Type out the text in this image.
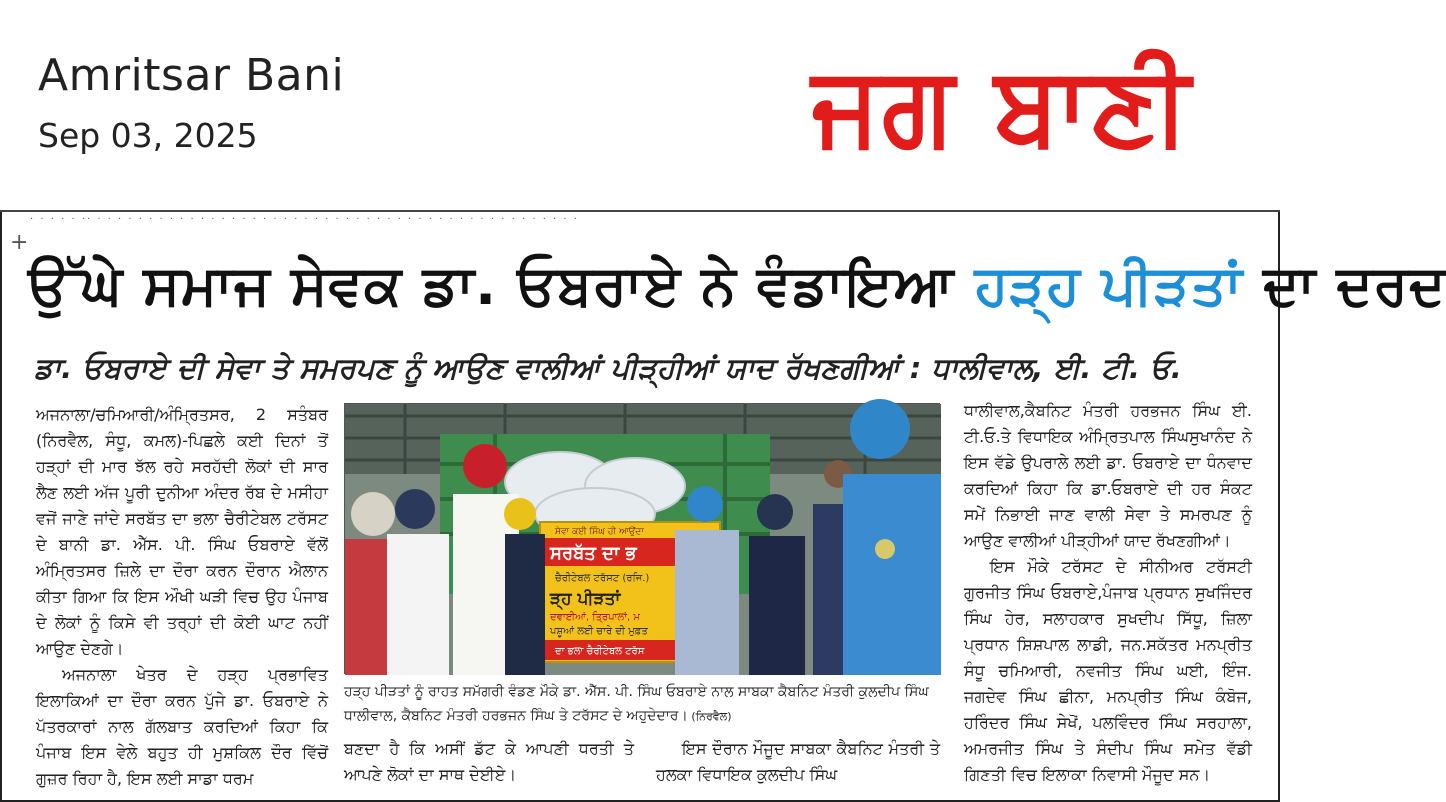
Amritsar Bani
Sep 03, 2025	ਜਗ ਬਾਣੀ
· · · · · ·· · · · · · · · · · · · · · · · · · · · · · · · · · · · · · · · · · · · · · · · · · · · · · · ·
+
ਉੱਘੇ ਸਮਾਜ ਸੇਵਕ ਡਾ. ਓਬਰਾਏ ਨੇ ਵੰਡਾਇਆ ਹੜ੍ਹ ਪੀੜਤਾਂ ਦਾ ਦਰਦ
ਡਾ. ਓਬਰਾਏ ਦੀ ਸੇਵਾ ਤੇ ਸਮਰਪਣ ਨੂੰ ਆਉਣ ਵਾਲੀਆਂ ਪੀੜ੍ਹੀਆਂ ਯਾਦ ਰੱਖਣਗੀਆਂ : ਧਾਲੀਵਾਲ, ਈ. ਟੀ. ਓ.

ਅਜਨਾਲਾ/ਚਮਿਆਰੀ/ਅੰਮ੍ਰਿਤਸਰ, 2 ਸਤੰਬਰ (ਨਿਰਵੈਲ, ਸੰਧੂ, ਕਮਲ)-ਪਿਛਲੇ ਕਈ ਦਿਨਾਂ ਤੋਂ ਹੜ੍ਹਾਂ ਦੀ ਮਾਰ ਝੱਲ ਰਹੇ ਸਰਹੱਦੀ ਲੋਕਾਂ ਦੀ ਸਾਰ ਲੈਣ ਲਈ ਅੱਜ ਪੂਰੀ ਦੁਨੀਆ ਅੰਦਰ ਰੱਬ ਦੇ ਮਸੀਹਾ ਵਜੋਂ ਜਾਣੇ ਜਾਂਦੇ ਸਰਬੱਤ ਦਾ ਭਲਾ ਚੈਰੀਟੇਬਲ ਟਰੱਸਟ ਦੇ ਬਾਨੀ ਡਾ. ਐੱਸ. ਪੀ. ਸਿੰਘ ਓਬਰਾਏ ਵੱਲੋਂ ਅੰਮ੍ਰਿਤਸਰ ਜ਼ਿਲੇ ਦਾ ਦੌਰਾ ਕਰਨ ਦੌਰਾਨ ਐਲਾਨ ਕੀਤਾ ਗਿਆ ਕਿ ਇਸ ਔਖੀ ਘੜੀ ਵਿਚ ਉਹ ਪੰਜਾਬ ਦੇ ਲੋਕਾਂ ਨੂੰ ਕਿਸੇ ਵੀ ਤਰ੍ਹਾਂ ਦੀ ਕੋਈ ਘਾਟ ਨਹੀਂ ਆਉਣ ਦੇਣਗੇ।

ਅਜਨਾਲਾ ਖੇਤਰ ਦੇ ਹੜ੍ਹ ਪ੍ਰਭਾਵਿਤ ਇਲਾਕਿਆਂ ਦਾ ਦੌਰਾ ਕਰਨ ਪੁੱਜੇ ਡਾ. ਓਬਰਾਏ ਨੇ ਪੱਤਰਕਾਰਾਂ ਨਾਲ ਗੱਲਬਾਤ ਕਰਦਿਆਂ ਕਿਹਾ ਕਿ ਪੰਜਾਬ ਇਸ ਵੇਲੇ ਬਹੁਤ ਹੀ ਮੁਸ਼ਕਿਲ ਦੌਰ ਵਿੱਚੋਂ ਗੁਜ਼ਰ ਰਿਹਾ ਹੈ, ਇਸ ਲਈ ਸਾਡਾ ਧਰਮ

ਸੇਵਾ ਕਈ ਸਿੰਘ ਹੀ ਆਉਂਦਾ
ਸਰਬੱਤ ਦਾ ਭ
ਚੈਰੀਟੇਬਲ ਟਰੱਸਟ (ਰਜਿ.)
ੜ੍ਹ ਪੀੜਤਾਂ
ਦਵਾਈਆਂ, ਤ੍ਰਿਪਾਲਾਂ, ਮ
ਪਸ਼ੂਆਂ ਲਈ ਚਾਰੇ ਦੀ ਮੁਫ਼ਤ
ਦਾ ਭਲਾ ਚੈਰੀਟੇਬਲ ਟਰੱਸ
ਹੜ੍ਹ ਪੀੜਤਾਂ ਨੂੰ ਰਾਹਤ ਸਮੱਗਰੀ ਵੰਡਣ ਮੌਕੇ ਡਾ. ਐੱਸ. ਪੀ. ਸਿੰਘ ਓਬਰਾਏ ਨਾਲ ਸਾਬਕਾ ਕੈਬਨਿਟ ਮੰਤਰੀ ਕੁਲਦੀਪ ਸਿੰਘ ਧਾਲੀਵਾਲ, ਕੈਬਨਿਟ ਮੰਤਰੀ ਹਰਭਜਨ ਸਿੰਘ ਤੇ ਟਰੱਸਟ ਦੇ ਅਹੁਦੇਦਾਰ। (ਨਿਰਵੈਲ)

ਬਣਦਾ ਹੈ ਕਿ ਅਸੀਂ ਡੱਟ ਕੇ ਆਪਣੀ ਧਰਤੀ ਤੇ ਆਪਣੇ ਲੋਕਾਂ ਦਾ ਸਾਥ ਦੇਈਏ।

ਇਸ ਦੌਰਾਨ ਮੌਜੂਦ ਸਾਬਕਾ ਕੈਬਨਿਟ ਮੰਤਰੀ ਤੇ ਹਲਕਾ ਵਿਧਾਇਕ ਕੁਲਦੀਪ ਸਿੰਘ

ਧਾਲੀਵਾਲ,ਕੈਬਨਿਟ ਮੰਤਰੀ ਹਰਭਜਨ ਸਿੰਘ ਈ. ਟੀ.ਓ.ਤੇ ਵਿਧਾਇਕ ਅੰਮ੍ਰਿਤਪਾਲ ਸਿੰਘਸੁਖਾਨੰਦ ਨੇ ਇਸ ਵੱਡੇ ਉਪਰਾਲੇ ਲਈ ਡਾ. ਓਬਰਾਏ ਦਾ ਧੰਨਵਾਦ ਕਰਦਿਆਂ ਕਿਹਾ ਕਿ ਡਾ.ਓਬਰਾਏ ਦੀ ਹਰ ਸੰਕਟ ਸਮੇਂ ਨਿਭਾਈ ਜਾਣ ਵਾਲੀ ਸੇਵਾ ਤੇ ਸਮਰਪਣ ਨੂੰ ਆਉਣ ਵਾਲੀਆਂ ਪੀੜ੍ਹੀਆਂ ਯਾਦ ਰੱਖਣਗੀਆਂ।

ਇਸ ਮੌਕੇ ਟਰੱਸਟ ਦੇ ਸੀਨੀਅਰ ਟਰੱਸਟੀ ਗੁਰਜੀਤ ਸਿੰਘ ਓਬਰਾਏ,ਪੰਜਾਬ ਪ੍ਰਧਾਨ ਸੁਖਜਿੰਦਰ ਸਿੰਘ ਹੇਰ, ਸਲਾਹਕਾਰ ਸੁਖਦੀਪ ਸਿੱਧੂ, ਜ਼ਿਲਾ ਪ੍ਰਧਾਨ ਸ਼ਿਸ਼ਪਾਲ ਲਾਡੀ, ਜਨ.ਸਕੱਤਰ ਮਨਪ੍ਰੀਤ ਸੰਧੂ ਚਮਿਆਰੀ, ਨਵਜੀਤ ਸਿੰਘ ਘਈ, ਇੰਜ. ਜਗਦੇਵ ਸਿੰਘ ਛੀਨਾ, ਮਨਪ੍ਰੀਤ ਸਿੰਘ ਕੰਬੋਜ, ਹਰਿੰਦਰ ਸਿੰਘ ਸੇਖੋਂ, ਪਲਵਿੰਦਰ ਸਿੰਘ ਸਰਹਾਲਾ, ਅਮਰਜੀਤ ਸਿੰਘ ਤੇ ਸੰਦੀਪ ਸਿੰਘ ਸਮੇਤ ਵੱਡੀ ਗਿਣਤੀ ਵਿਚ ਇਲਾਕਾ ਨਿਵਾਸੀ ਮੌਜੂਦ ਸਨ।
